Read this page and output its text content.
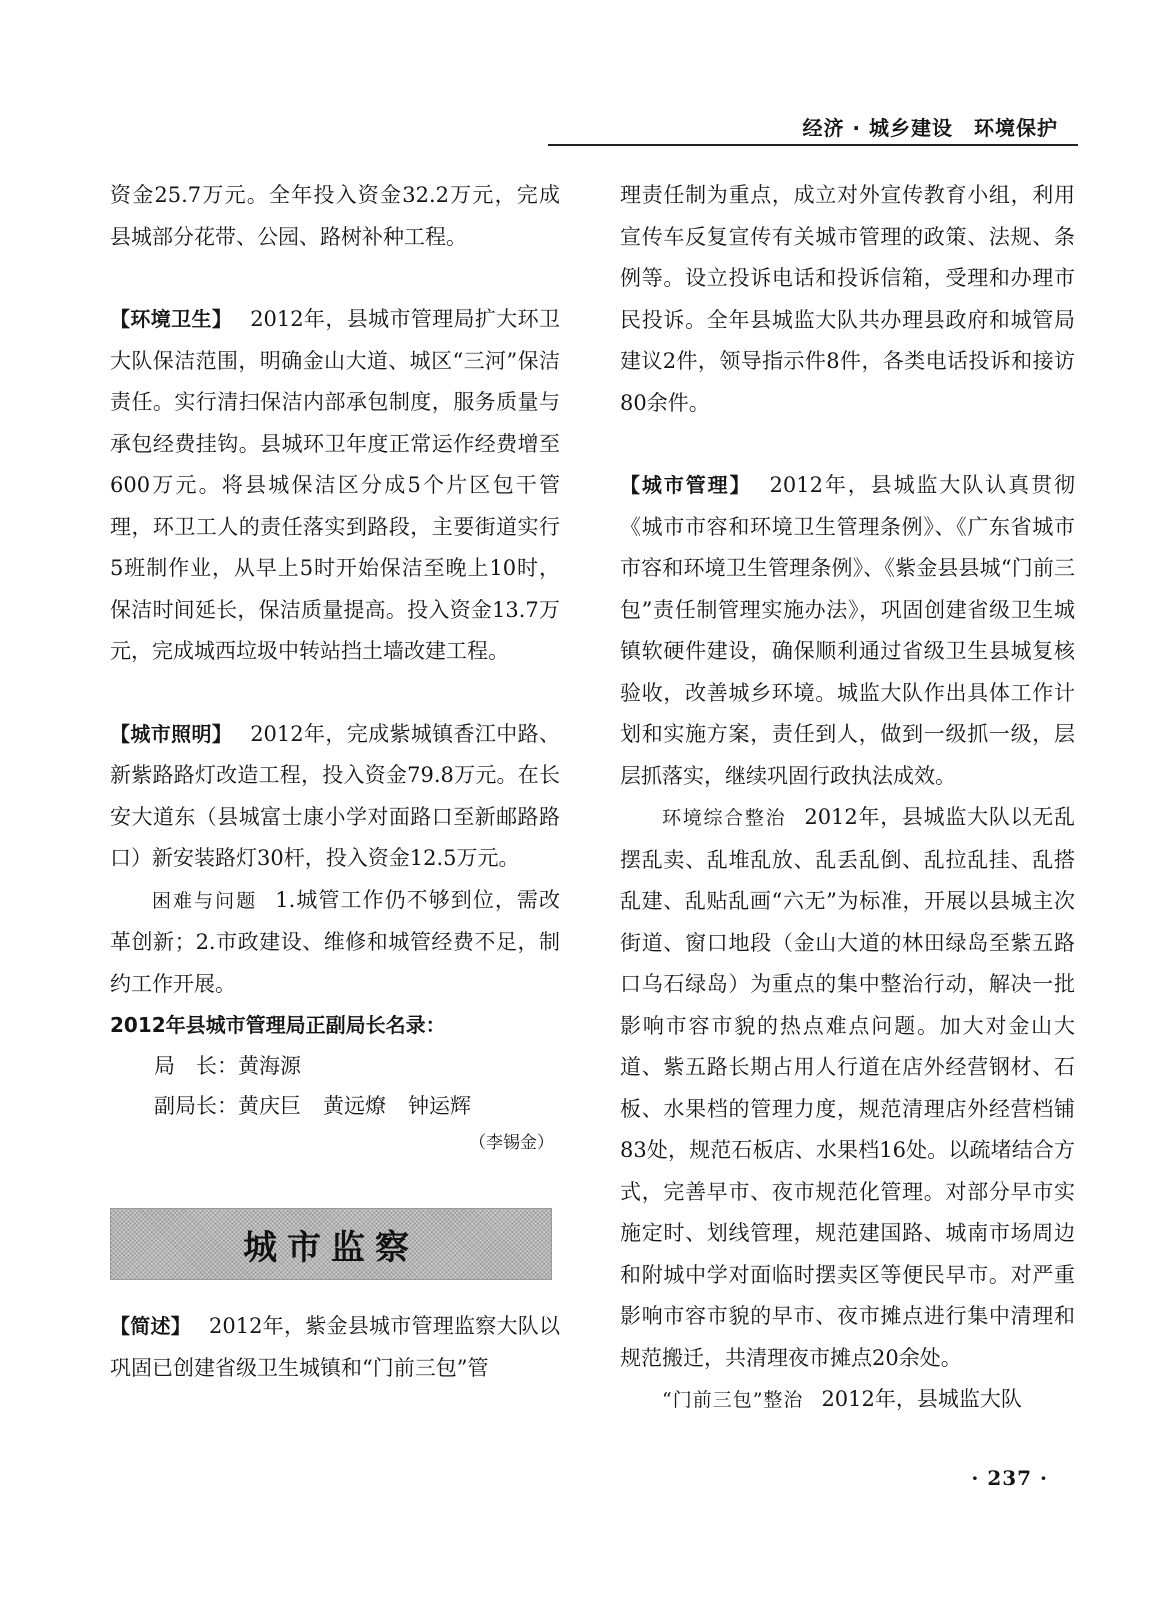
经济 · 城乡建设　环境保护

资金25.7万元。全年投入资金32.2万元，完成县城部分花带、公园、路树补种工程。

【环境卫生】 2012年，县城市管理局扩大环卫大队保洁范围，明确金山大道、城区“三河”保洁责任。实行清扫保洁内部承包制度，服务质量与承包经费挂钩。县城环卫年度正常运作经费增至600万元。将县城保洁区分成5个片区包干管理，环卫工人的责任落实到路段，主要街道实行5班制作业，从早上5时开始保洁至晚上10时，保洁时间延长，保洁质量提高。投入资金13.7万元，完成城西垃圾中转站挡土墙改建工程。

【城市照明】 2012年，完成紫城镇香江中路、新紫路路灯改造工程，投入资金79.8万元。在长安大道东（县城富士康小学对面路口至新邮路路口）新安装路灯30杆，投入资金12.5万元。

困难与问题 1.城管工作仍不够到位，需改革创新；2.市政建设、维修和城管经费不足，制约工作开展。

2012年县城市管理局正副局长名录：
局　长：黄海源
副局长：黄庆巨 黄远燎 钟运辉
（李锡金）
城市监察

【简述】 2012年，紫金县城市管理监察大队以巩固已创建省级卫生城镇和“门前三包”管

理责任制为重点，成立对外宣传教育小组，利用宣传车反复宣传有关城市管理的政策、法规、条例等。设立投诉电话和投诉信箱，受理和办理市民投诉。全年县城监大队共办理县政府和城管局建议2件，领导指示件8件，各类电话投诉和接访80余件。

【城市管理】 2012年，县城监大队认真贯彻《城市市容和环境卫生管理条例》、《广东省城市市容和环境卫生管理条例》、《紫金县县城“门前三包”责任制管理实施办法》，巩固创建省级卫生城镇软硬件建设，确保顺利通过省级卫生县城复核验收，改善城乡环境。城监大队作出具体工作计划和实施方案，责任到人，做到一级抓一级，层层抓落实，继续巩固行政执法成效。

环境综合整治 2012年，县城监大队以无乱摆乱卖、乱堆乱放、乱丢乱倒、乱拉乱挂、乱搭乱建、乱贴乱画“六无”为标准，开展以县城主次街道、窗口地段（金山大道的林田绿岛至紫五路口乌石绿岛）为重点的集中整治行动，解决一批影响市容市貌的热点难点问题。加大对金山大道、紫五路长期占用人行道在店外经营钢材、石板、水果档的管理力度，规范清理店外经营档铺83处，规范石板店、水果档16处。以疏堵结合方式，完善早市、夜市规范化管理。对部分早市实施定时、划线管理，规范建国路、城南市场周边和附城中学对面临时摆卖区等便民早市。对严重影响市容市貌的早市、夜市摊点进行集中清理和规范搬迁，共清理夜市摊点20余处。

“门前三包”整治 2012年，县城监大队

· 237 ·
